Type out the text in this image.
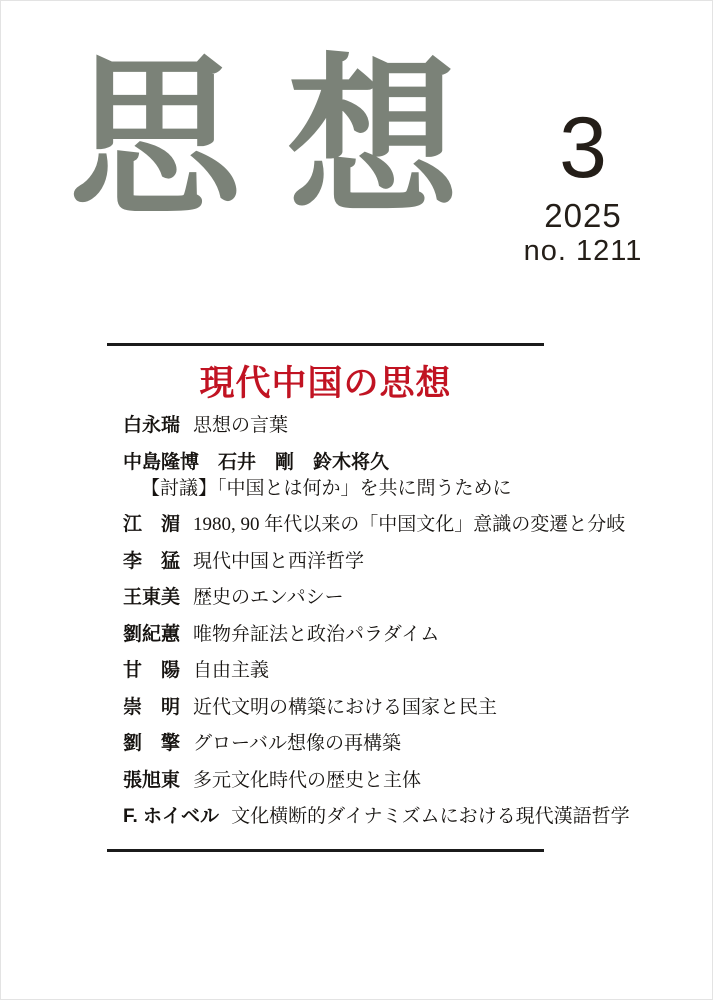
思想 3
2025
no. 1211
現代中国の思想
白永瑞 思想の言葉
中島隆博　石井　剛　鈴木将久
【討議】「中国とは何か」を共に問うために
江　湄 1980, 90 年代以来の「中国文化」意識の変遷と分岐
李　猛 現代中国と西洋哲学
王東美 歴史のエンパシー
劉紀蕙 唯物弁証法と政治パラダイム
甘　陽 自由主義
崇　明 近代文明の構築における国家と民主
劉　擎 グローバル想像の再構築
張旭東 多元文化時代の歴史と主体
F. ホイベル 文化横断的ダイナミズムにおける現代漢語哲学
